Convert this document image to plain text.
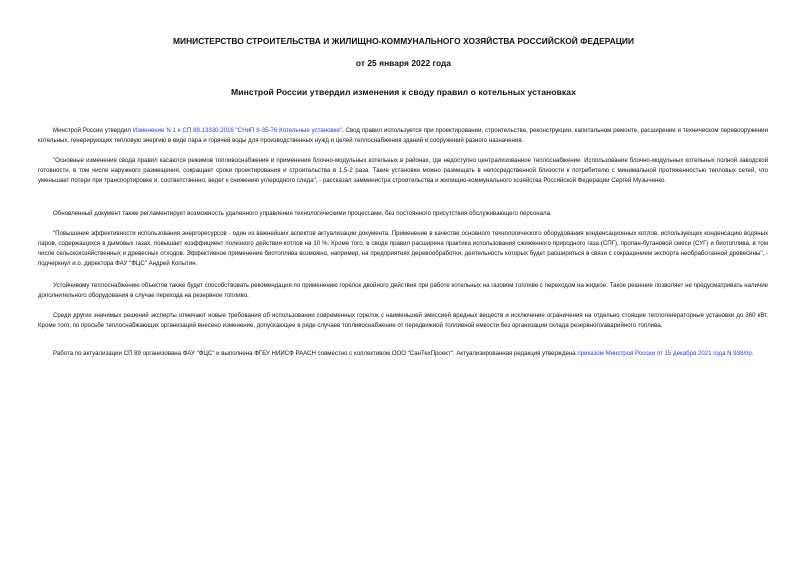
МИНИСТЕРСТВО СТРОИТЕЛЬСТВА И ЖИЛИЩНО-КОММУНАЛЬНОГО ХОЗЯЙСТВА РОССИЙСКОЙ ФЕДЕРАЦИИ
от 25 января 2022 года
Минстрой России утвердил изменения к своду правил о котельных установках

Минстрой России утвердил Изменение N 1 к СП 89.13330.2016 "СНиП II-35-76 Котельные установки". Свод правил используется при проектировании, строительстве, реконструкции, капитальном ремонте, расширении и техническом перевооружении котельных, генерирующих тепловую энергию в виде пара и горячей воды для производственных нужд и целей теплоснабжения зданий и сооружений разного назначения.

"Основные изменения свода правил касаются режимов топливоснабжения и применения блочно-модульных котельных в районах, где недоступно централизованное теплоснабжение. Использование блочно-модульных котельных полной заводской готовности, в том числе наружного размещения, сокращает сроки проектирования и строительства в 1,5-2 раза. Такие установки можно размещать в непосредственной близости к потребителю с минимальной протяженностью тепловых сетей, что уменьшает потери при транспортировке и, соответственно, ведет к снижению углеродного следа", - рассказал замминистра строительства и жилищно-коммунального хозяйства Российской Федерации Сергей Музыченко.

Обновленный документ также регламентирует возможность удаленного управления технологическими процессами, без постоянного присутствия обслуживающего персонала.

"Повышение эффективности использования энергоресурсов - один из важнейших аспектов актуализации документа. Применение в качестве основного технологического оборудования конденсационных котлов, использующих конденсацию водяных паров, содержащихся в дымовых газах, повышает коэффициент полезного действия котлов на 10 %. Кроме того, в своде правил расширена практика использования сжиженного природного газа (СПГ), пропан-бутановой смеси (СУГ) и биотоплива, в том числе сельскохозяйственных и древесных отходов. Эффективное применение биотоплива возможно, например, на предприятиях деревообработки, деятельность которых будет расширяться в связи с сокращением экспорта необработанной древесины", - подчеркнул и.о. директора ФАУ "ФЦС" Андрей Копытин.

Устойчивому теплоснабжению объектов также будет способствовать рекомендация по применению горелок двойного действия при работе котельных на газовом топливе с переходом на жидкое. Такое решение позволяет не предусматривать наличие дополнительного оборудования в случае перехода на резервное топливо.

Среди других значимых решений эксперты отмечают новые требования об использовании современных горелок с наименьшей эмиссией вредных веществ и исключение ограничения на отдельно стоящие теплогенераторные установки до 360 кВт. Кроме того, по просьбе теплоснабжающих организаций внесено изменение, допускающее в ряде случаев топливоснабжение от передвижной топливной емкости без организации склада резервного/аварийного топлива.

Работа по актуализации СП 89 организована ФАУ "ФЦС" и выполнена ФГБУ НИИСФ РААСН совместно с коллективом ООО "СанТехПроект". Актуализированная редакция утверждена приказом Минстроя России от 15 декабря 2021 года N 938/пр.
